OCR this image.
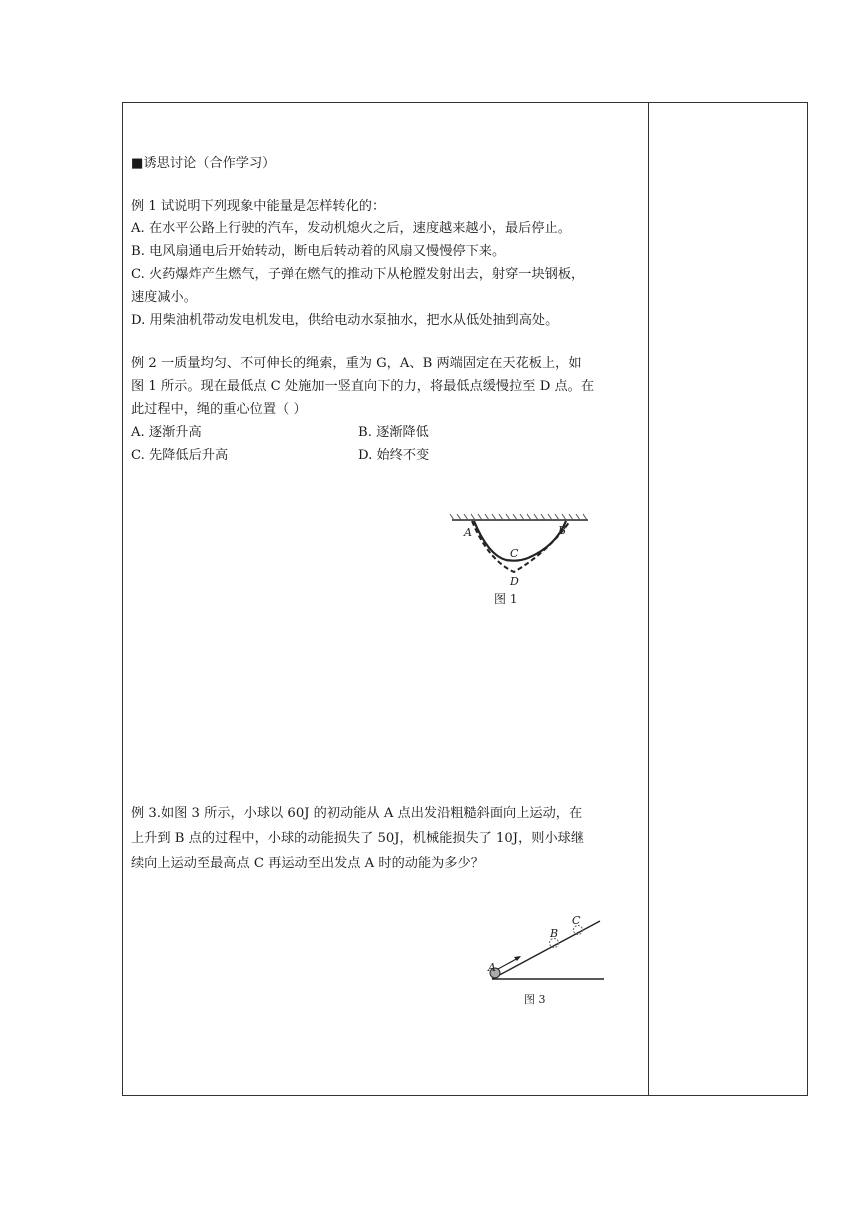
■诱思讨论（合作学习）
例 1 试说明下列现象中能量是怎样转化的：
A. 在水平公路上行驶的汽车，发动机熄火之后，速度越来越小，最后停止。
B. 电风扇通电后开始转动，断电后转动着的风扇又慢慢停下来。
C. 火药爆炸产生燃气，子弹在燃气的推动下从枪膛发射出去，射穿一块钢板，
速度减小。
D. 用柴油机带动发电机发电，供给电动水泵抽水，把水从低处抽到高处。
例 2 一质量均匀、不可伸长的绳索，重为 G，A、B 两端固定在天花板上，如
图 1 所示。现在最低点 C 处施加一竖直向下的力，将最低点缓慢拉至 D 点。在
此过程中，绳的重心位置（ ）
A. 逐渐升高	B. 逐渐降低
C. 先降低后升高	D. 始终不变
例 3.如图 3 所示，小球以 60J 的初动能从 A 点出发沿粗糙斜面向上运动，在
上升到 B 点的过程中，小球的动能损失了 50J，机械能损失了 10J，则小球继
续向上运动至最高点 C 再运动至出发点 A 时的动能为多少？
A	B
C
D
图 1
A
B
C
图 3
